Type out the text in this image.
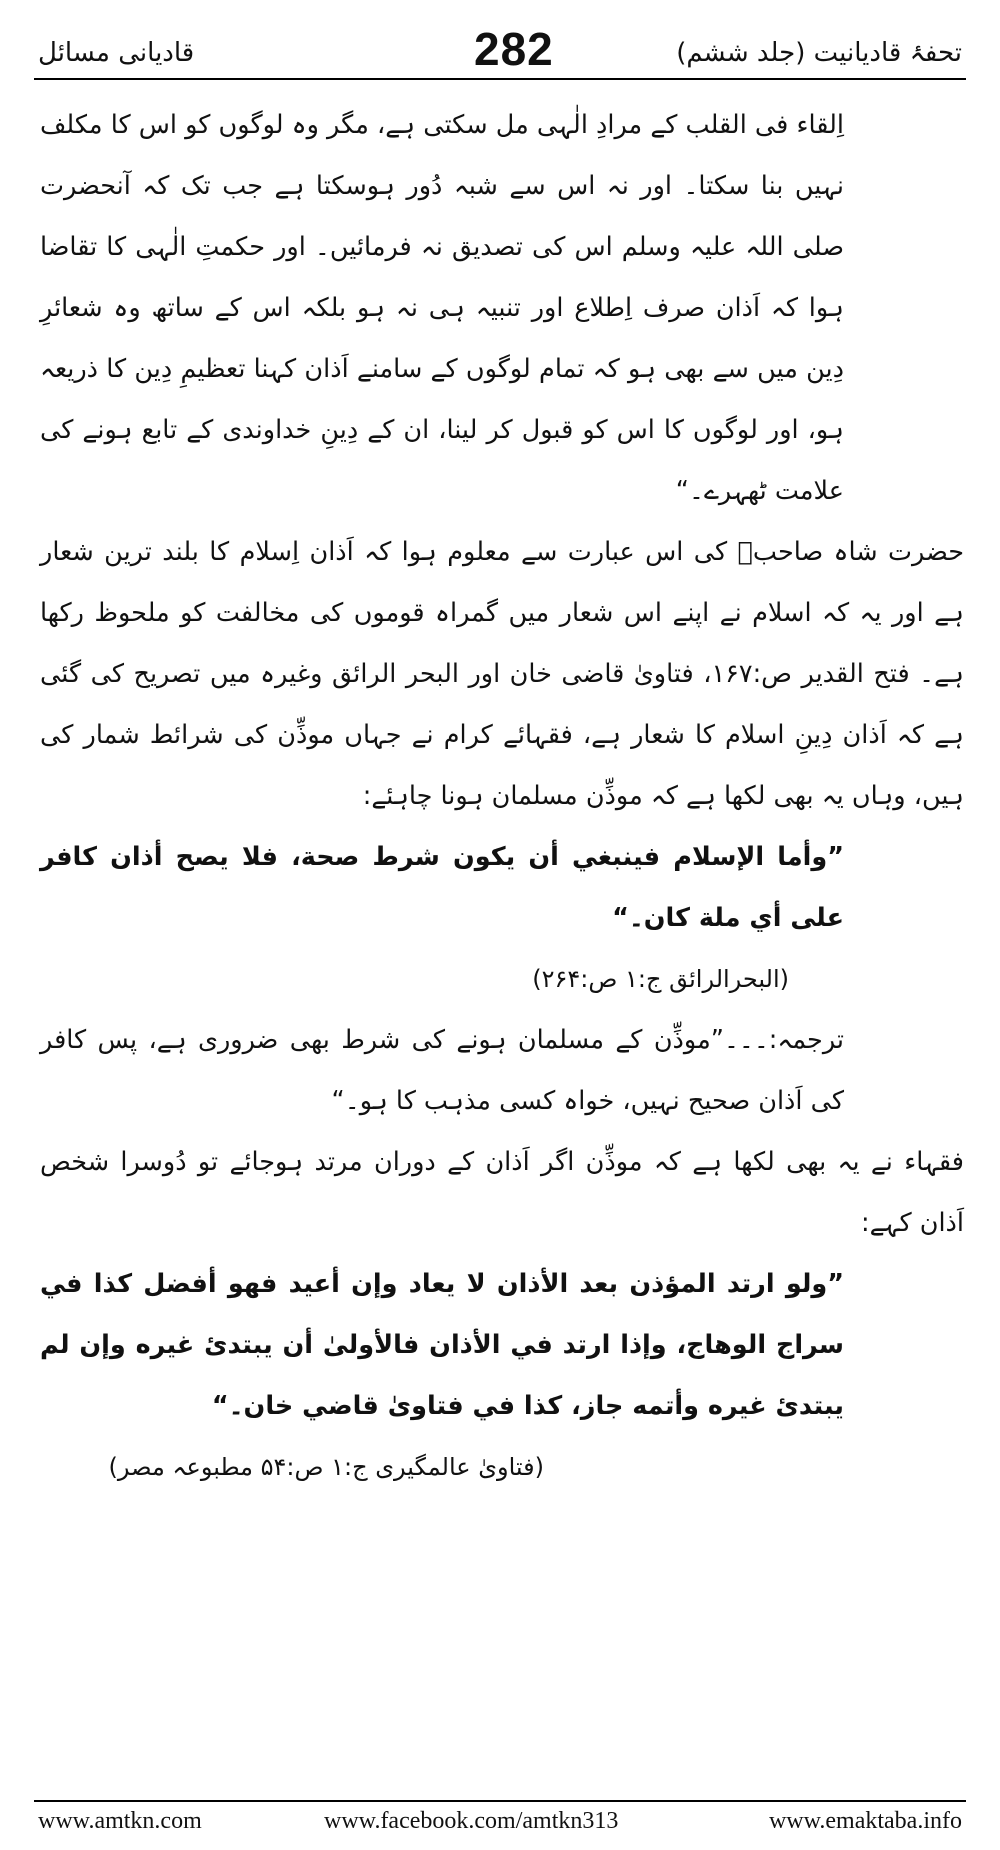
قادیانی مسائل	282	تحفۂ قادیانیت (جلد ششم)

اِلقاء فی القلب کے مرادِ الٰہی مل سکتی ہے، مگر وہ لوگوں کو اس کا مکلف نہیں بنا سکتا۔ اور نہ اس سے شبہ دُور ہوسکتا ہے جب تک کہ آنحضرت صلی اللہ علیہ وسلم اس کی تصدیق نہ فرمائیں۔ اور حکمتِ الٰہی کا تقاضا ہوا کہ اَذان صرف اِطلاع اور تنبیہ ہی نہ ہو بلکہ اس کے ساتھ وہ شعائرِ دِین میں سے بھی ہو کہ تمام لوگوں کے سامنے اَذان کہنا تعظیمِ دِین کا ذریعہ ہو، اور لوگوں کا اس کو قبول کر لینا، ان کے دِینِ خداوندی کے تابع ہونے کی علامت ٹھہرے۔“

حضرت شاہ صاحبؒ کی اس عبارت سے معلوم ہوا کہ اَذان اِسلام کا بلند ترین شعار ہے اور یہ کہ اسلام نے اپنے اس شعار میں گمراہ قوموں کی مخالفت کو ملحوظ رکھا ہے۔ فتح القدیر ص:۱۶۷، فتاویٰ قاضی خان اور البحر الرائق وغیرہ میں تصریح کی گئی ہے کہ اَذان دِینِ اسلام کا شعار ہے، فقہائے کرام نے جہاں موذِّن کی شرائط شمار کی ہیں، وہاں یہ بھی لکھا ہے کہ موذِّن مسلمان ہونا چاہئے:

”وأما الإسلام فينبغي أن يكون شرط صحة، فلا يصح أذان كافر على أي ملة كان۔“

(البحرالرائق ج:۱ ص:۲۶۴)

ترجمہ:۔۔۔”موذِّن کے مسلمان ہونے کی شرط بھی ضروری ہے، پس کافر کی اَذان صحیح نہیں، خواہ کسی مذہب کا ہو۔“

فقہاء نے یہ بھی لکھا ہے کہ موذِّن اگر اَذان کے دوران مرتد ہوجائے تو دُوسرا شخص اَذان کہے:

”ولو ارتد المؤذن بعد الأذان لا يعاد وإن أعيد فهو أفضل كذا في سراج الوهاج، وإذا ارتد في الأذان فالأولىٰ أن يبتدئ غيره وإن لم يبتدئ غيره وأتمه جاز، كذا في فتاوىٰ قاضي خان۔“

(فتاویٰ عالمگیری ج:۱ ص:۵۴ مطبوعہ مصر)

www.amtkn.com	www.facebook.com/amtkn313	www.emaktaba.info
